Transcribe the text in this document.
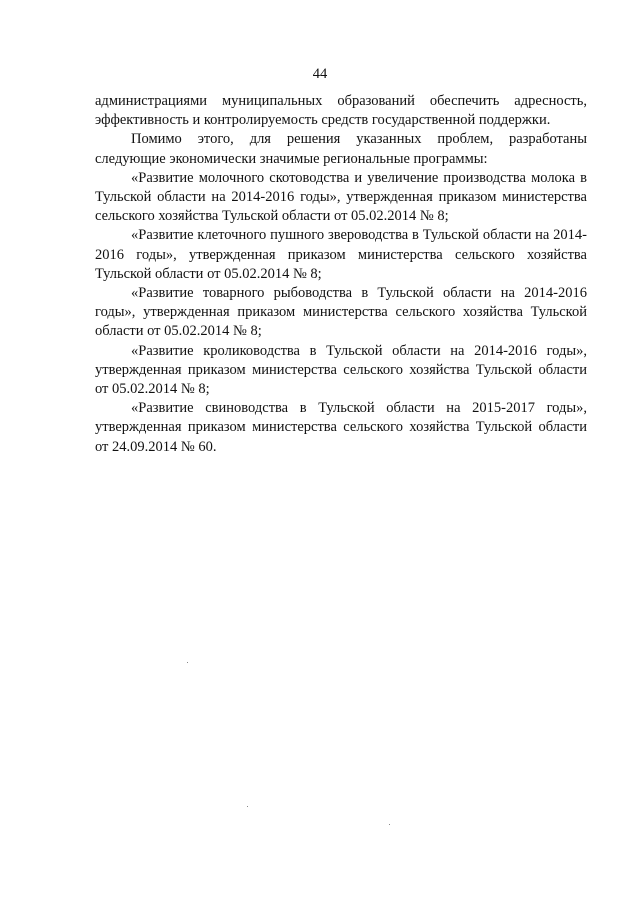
44

администрациями муниципальных образований обеспечить адресность, эффективность и контролируемость средств государственной поддержки.

Помимо этого, для решения указанных проблем, разработаны следующие экономически значимые региональные программы:

«Развитие молочного скотоводства и увеличение производства молока в Тульской области на 2014-2016 годы», утвержденная приказом министерства сельского хозяйства Тульской области от 05.02.2014 № 8;

«Развитие клеточного пушного звероводства в Тульской области на 2014-2016 годы», утвержденная приказом министерства сельского хозяйства Тульской области от 05.02.2014 № 8;

«Развитие товарного рыбоводства в Тульской области на 2014-2016 годы», утвержденная приказом министерства сельского хозяйства Тульской области от 05.02.2014 № 8;

«Развитие кролиководства в Тульской области на 2014-2016 годы», утвержденная приказом министерства сельского хозяйства Тульской области от 05.02.2014 № 8;

«Развитие свиноводства в Тульской области на 2015-2017 годы», утвержденная приказом министерства сельского хозяйства Тульской области от 24.09.2014 № 60.
